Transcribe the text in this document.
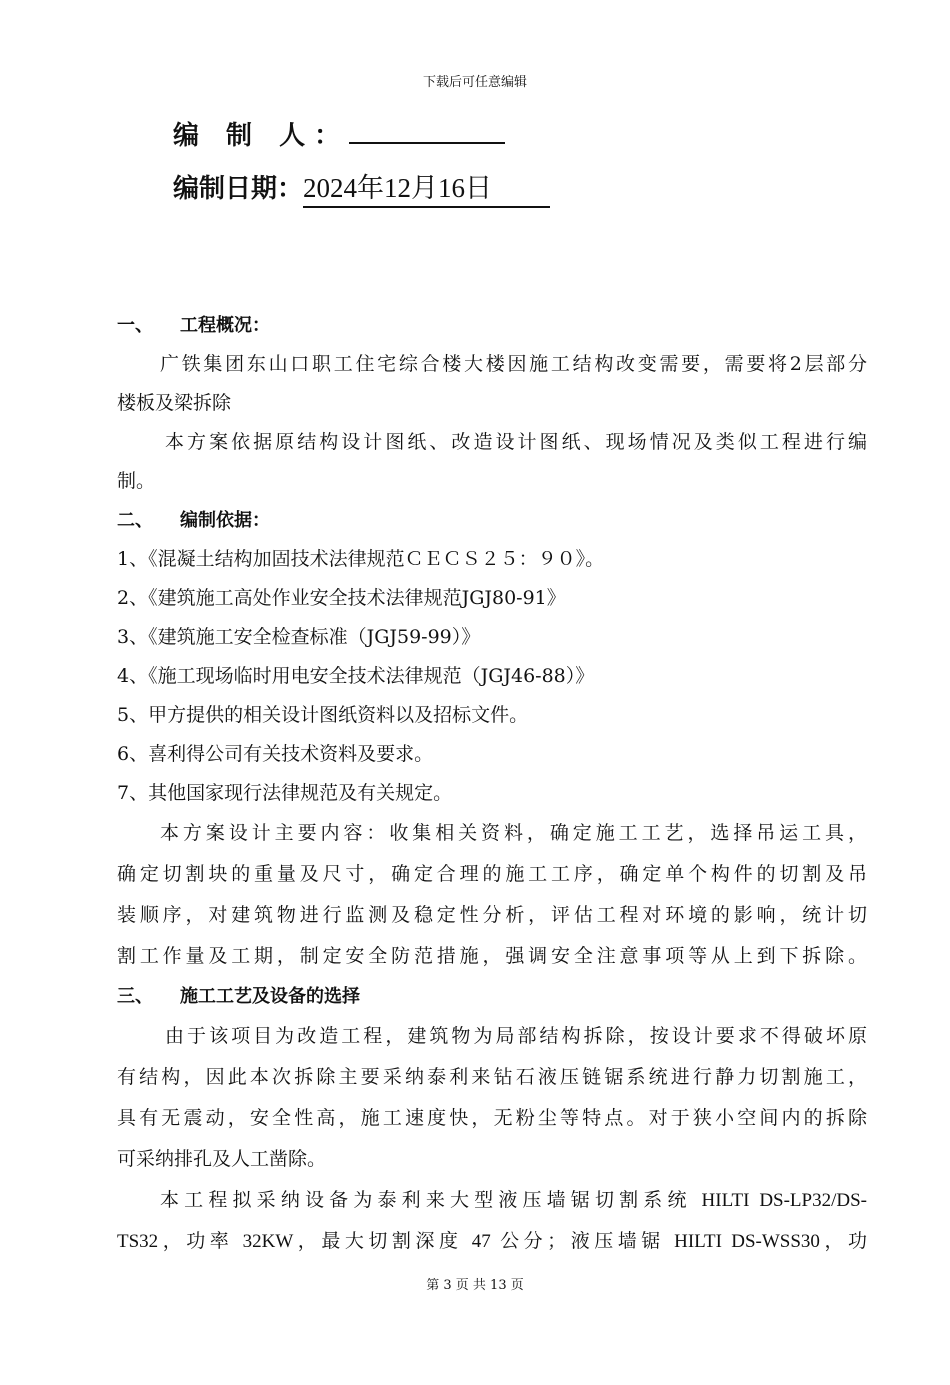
下载后可任意编辑
编 制 人：
编制日期：2024年12月16日
一、 工程概况：
广铁集团东山口职工住宅综合楼大楼因施工结构改变需要，需要将2层部分
楼板及梁拆除
本方案依据原结构设计图纸、改造设计图纸、现场情况及类似工程进行编
制。
二、 编制依据：
1、《混凝土结构加固技术法律规范ＣＥＣＳ２５：９０》。
2、《建筑施工高处作业安全技术法律规范JGJ80-91》
3、《建筑施工安全检查标准（JGJ59-99）》
4、《施工现场临时用电安全技术法律规范（JGJ46-88）》
5、甲方提供的相关设计图纸资料以及招标文件。
6、喜利得公司有关技术资料及要求。
7、其他国家现行法律规范及有关规定。
本方案设计主要内容：收集相关资料，确定施工工艺，选择吊运工具，
确定切割块的重量及尺寸，确定合理的施工工序，确定单个构件的切割及吊
装顺序，对建筑物进行监测及稳定性分析，评估工程对环境的影响，统计切
割工作量及工期，制定安全防范措施，强调安全注意事项等从上到下拆除。
三、 施工工艺及设备的选择
由于该项目为改造工程，建筑物为局部结构拆除，按设计要求不得破坏原
有结构，因此本次拆除主要采纳泰利来钻石液压链锯系统进行静力切割施工，
具有无震动，安全性高，施工速度快，无粉尘等特点。对于狭小空间内的拆除
可采纳排孔及人工凿除。
本工程拟采纳设备为泰利来大型液压墙锯切割系统 HILTI DS-LP32/DS-
TS32，功率 32KW，最大切割深度 47 公分；液压墙锯 HILTI DS-WSS30，功
第 3 页 共 13 页
